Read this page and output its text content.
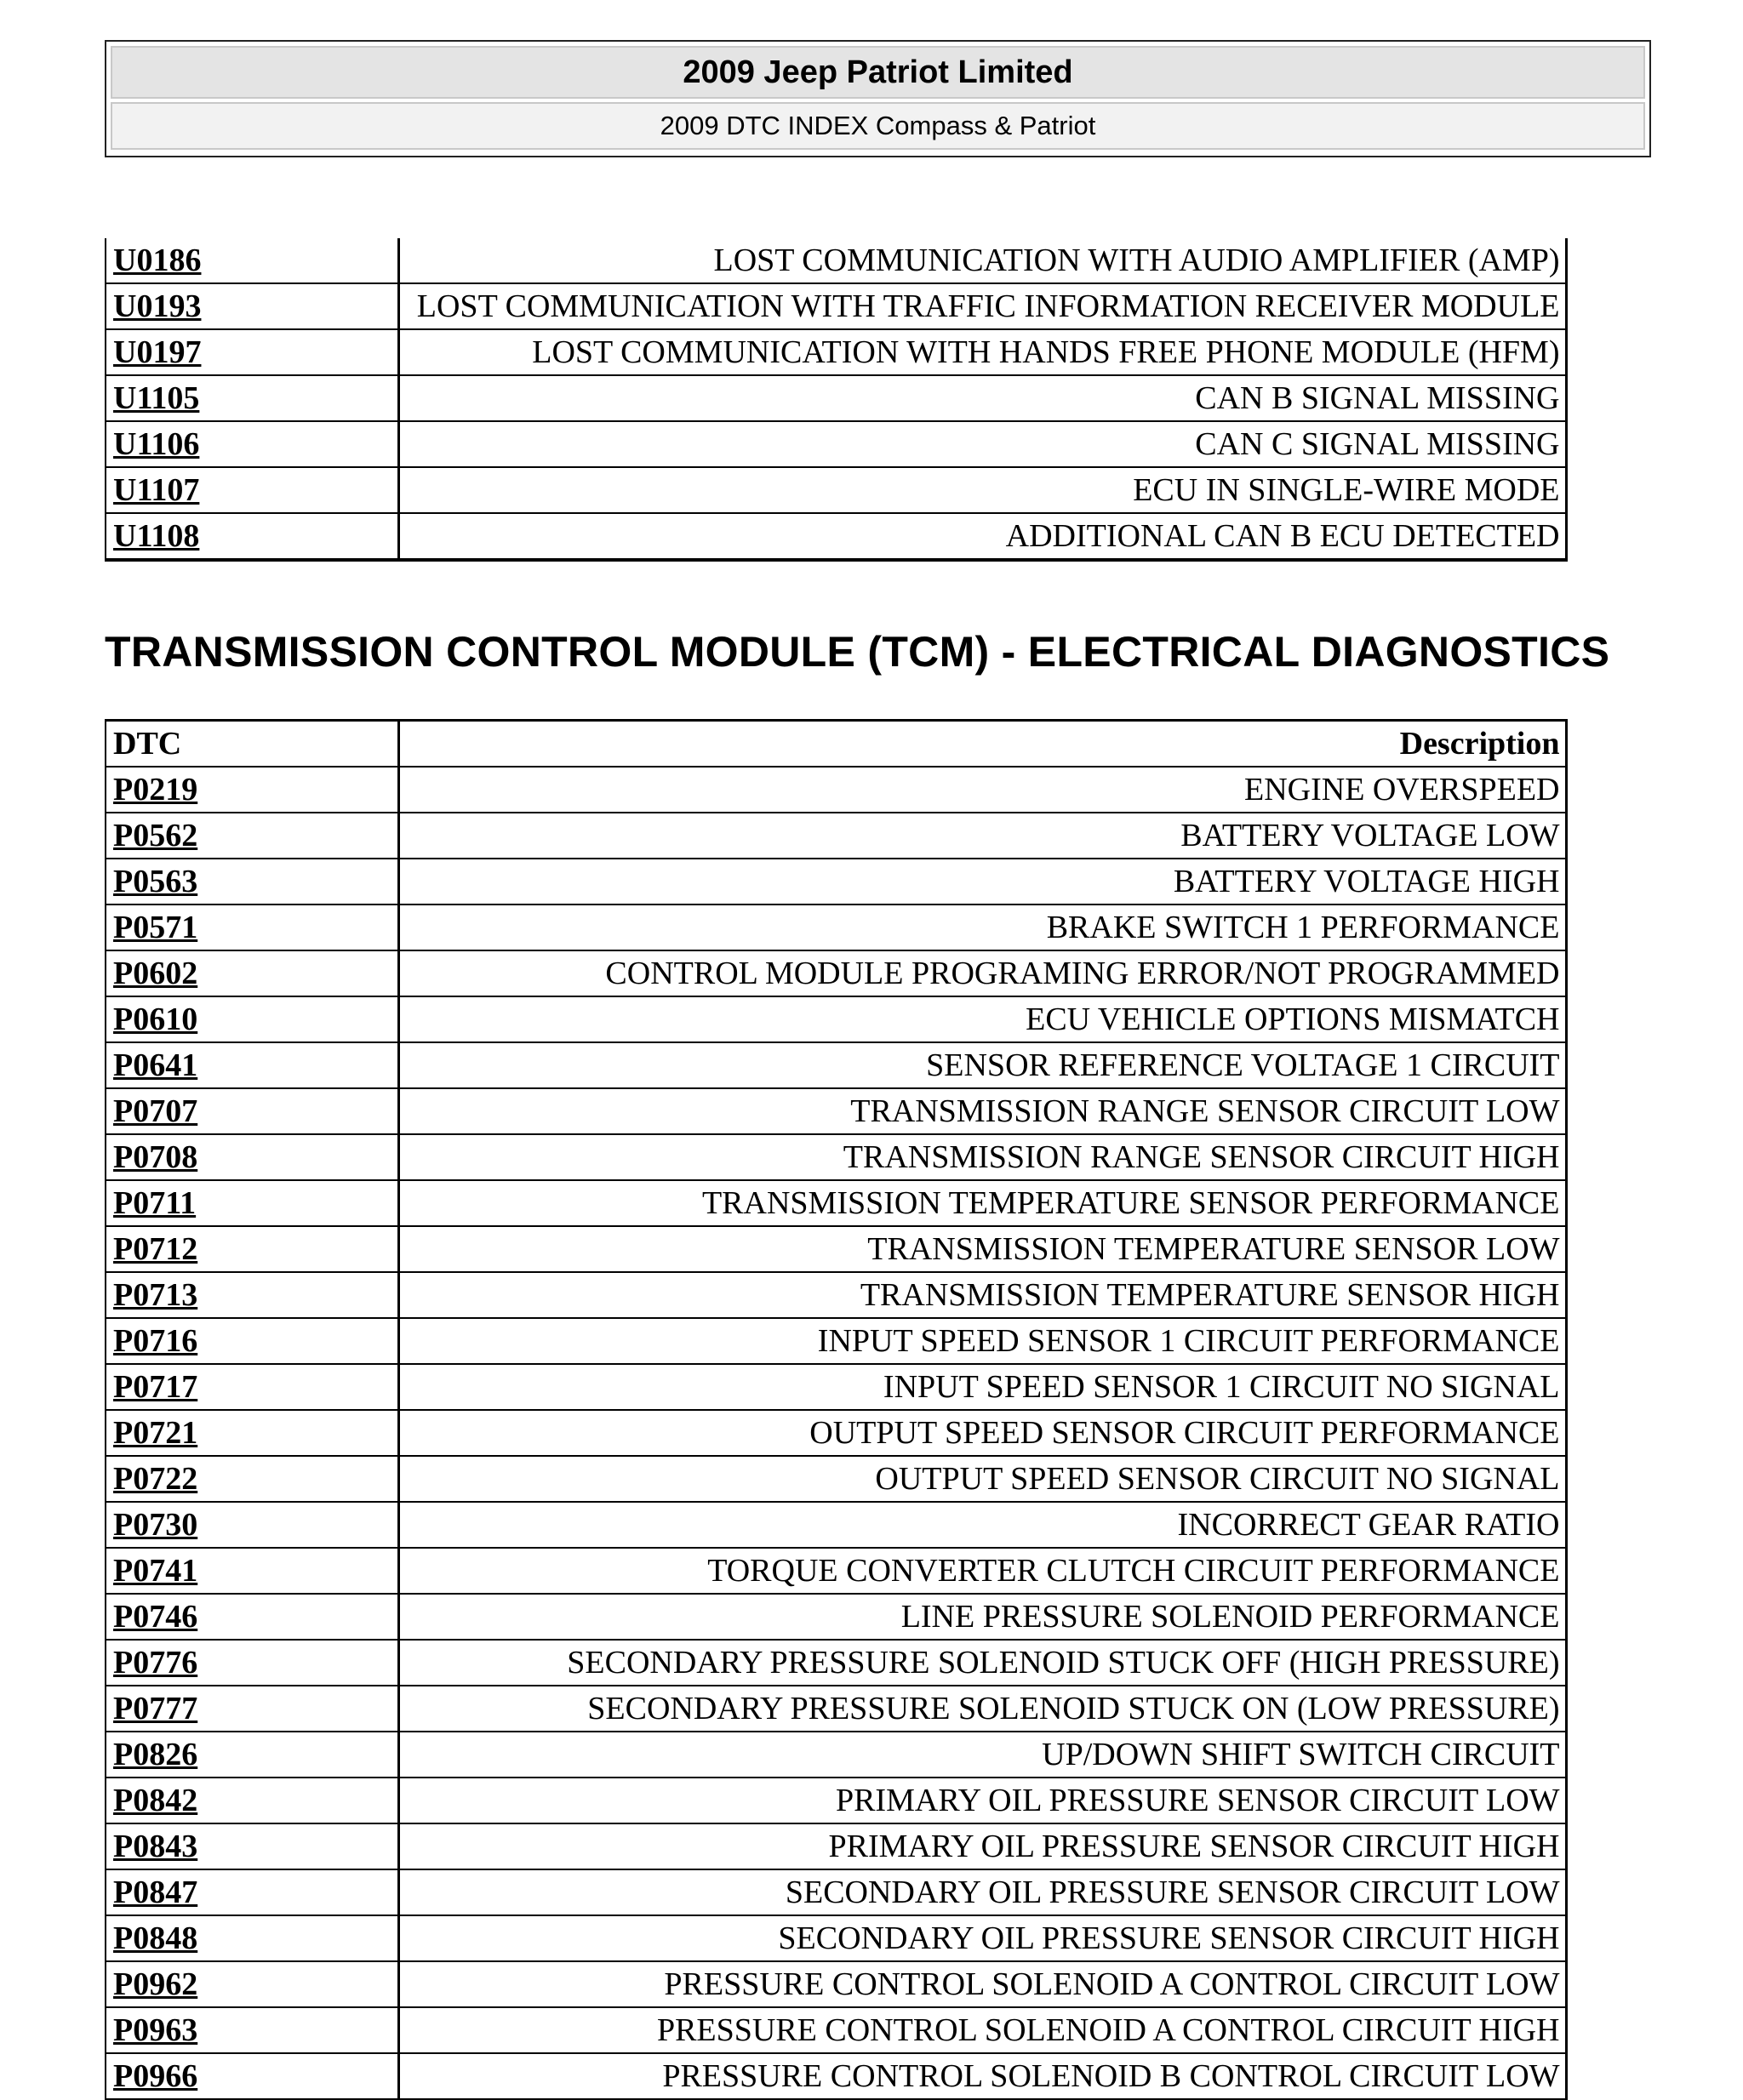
2009 Jeep Patriot Limited
2009 DTC INDEX Compass & Patriot
U0186	LOST COMMUNICATION WITH AUDIO AMPLIFIER (AMP)
U0193	LOST COMMUNICATION WITH TRAFFIC INFORMATION RECEIVER MODULE
U0197	LOST COMMUNICATION WITH HANDS FREE PHONE MODULE (HFM)
U1105	CAN B SIGNAL MISSING
U1106	CAN C SIGNAL MISSING
U1107	ECU IN SINGLE-WIRE MODE
U1108	ADDITIONAL CAN B ECU DETECTED
TRANSMISSION CONTROL MODULE (TCM) - ELECTRICAL DIAGNOSTICS
DTC	Description
P0219	ENGINE OVERSPEED
P0562	BATTERY VOLTAGE LOW
P0563	BATTERY VOLTAGE HIGH
P0571	BRAKE SWITCH 1 PERFORMANCE
P0602	CONTROL MODULE PROGRAMING ERROR/NOT PROGRAMMED
P0610	ECU VEHICLE OPTIONS MISMATCH
P0641	SENSOR REFERENCE VOLTAGE 1 CIRCUIT
P0707	TRANSMISSION RANGE SENSOR CIRCUIT LOW
P0708	TRANSMISSION RANGE SENSOR CIRCUIT HIGH
P0711	TRANSMISSION TEMPERATURE SENSOR PERFORMANCE
P0712	TRANSMISSION TEMPERATURE SENSOR LOW
P0713	TRANSMISSION TEMPERATURE SENSOR HIGH
P0716	INPUT SPEED SENSOR 1 CIRCUIT PERFORMANCE
P0717	INPUT SPEED SENSOR 1 CIRCUIT NO SIGNAL
P0721	OUTPUT SPEED SENSOR CIRCUIT PERFORMANCE
P0722	OUTPUT SPEED SENSOR CIRCUIT NO SIGNAL
P0730	INCORRECT GEAR RATIO
P0741	TORQUE CONVERTER CLUTCH CIRCUIT PERFORMANCE
P0746	LINE PRESSURE SOLENOID PERFORMANCE
P0776	SECONDARY PRESSURE SOLENOID STUCK OFF (HIGH PRESSURE)
P0777	SECONDARY PRESSURE SOLENOID STUCK ON (LOW PRESSURE)
P0826	UP/DOWN SHIFT SWITCH CIRCUIT
P0842	PRIMARY OIL PRESSURE SENSOR CIRCUIT LOW
P0843	PRIMARY OIL PRESSURE SENSOR CIRCUIT HIGH
P0847	SECONDARY OIL PRESSURE SENSOR CIRCUIT LOW
P0848	SECONDARY OIL PRESSURE SENSOR CIRCUIT HIGH
P0962	PRESSURE CONTROL SOLENOID A CONTROL CIRCUIT LOW
P0963	PRESSURE CONTROL SOLENOID A CONTROL CIRCUIT HIGH
P0966	PRESSURE CONTROL SOLENOID B CONTROL CIRCUIT LOW
